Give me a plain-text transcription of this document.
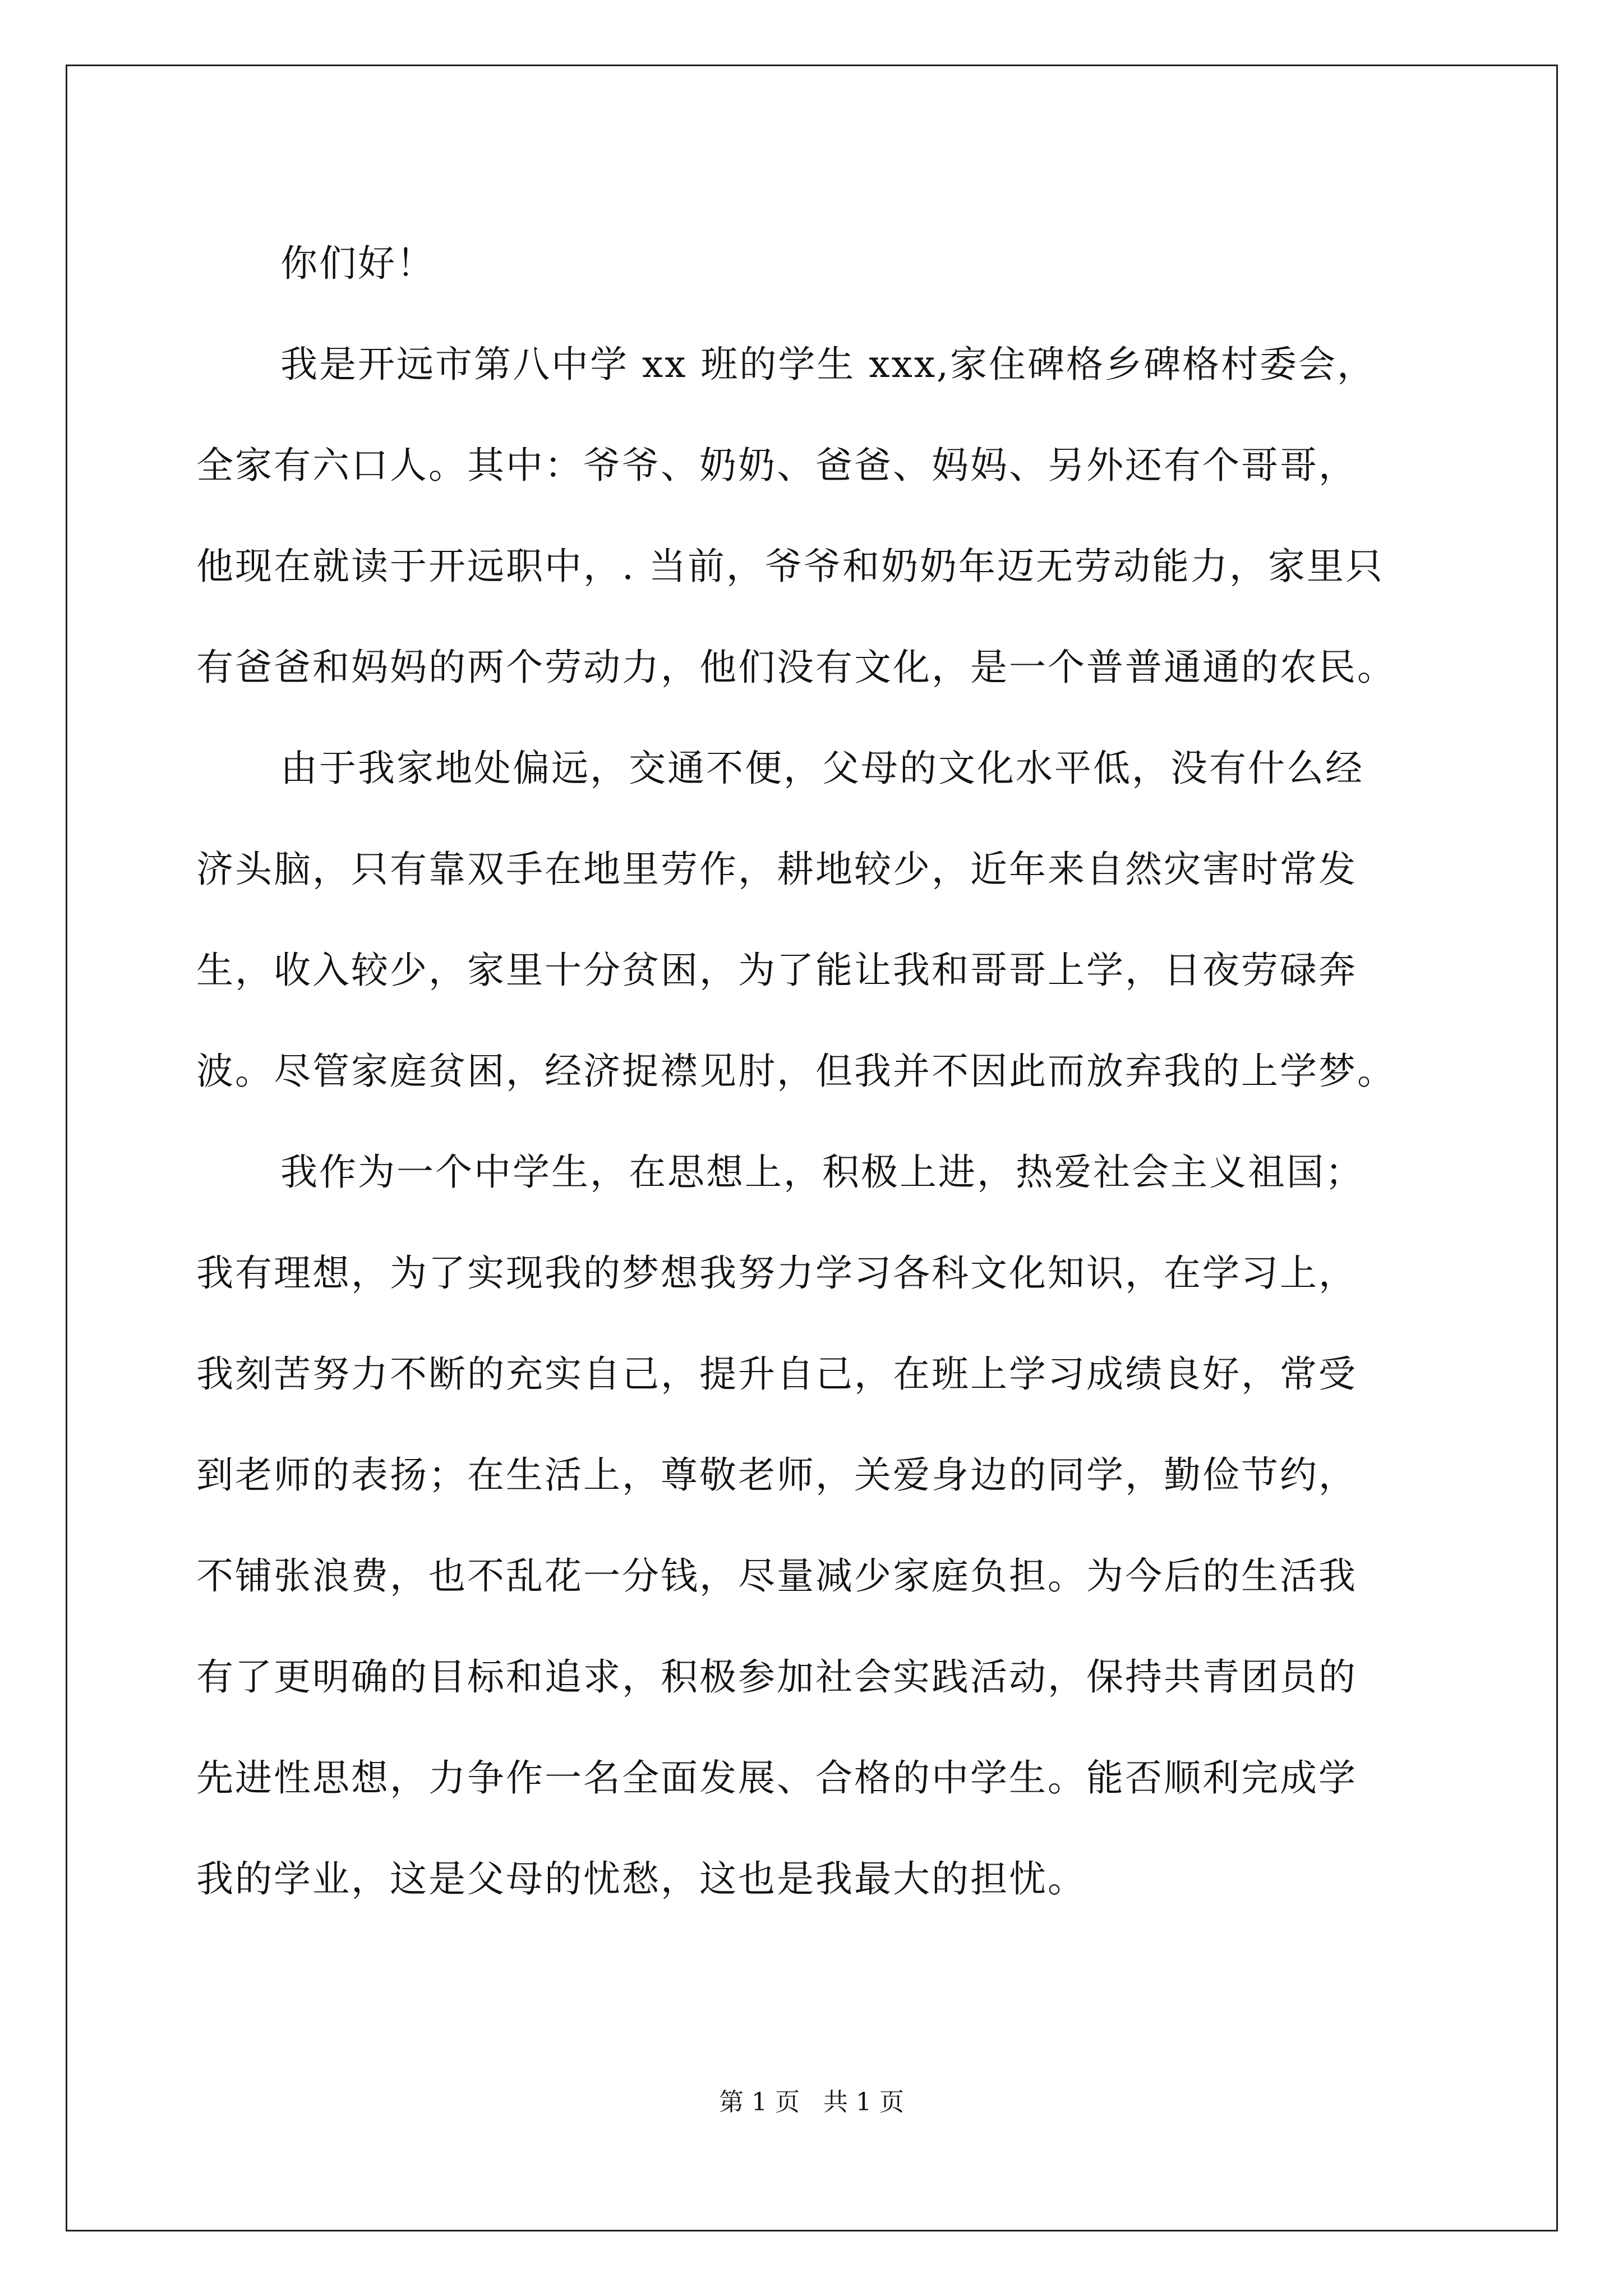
你们好！
我是开远市第八中学 xx 班的学生 xxx,家住碑格乡碑格村委会，
全家有六口人。其中：爷爷、奶奶、爸爸、妈妈、另外还有个哥哥，
他现在就读于开远职中，. 当前，爷爷和奶奶年迈无劳动能力，家里只
有爸爸和妈妈的两个劳动力，他们没有文化，是一个普普通通的农民。
由于我家地处偏远，交通不便，父母的文化水平低，没有什么经
济头脑，只有靠双手在地里劳作，耕地较少，近年来自然灾害时常发
生，收入较少，家里十分贫困，为了能让我和哥哥上学，日夜劳碌奔
波。尽管家庭贫困，经济捉襟见肘，但我并不因此而放弃我的上学梦。
我作为一个中学生，在思想上，积极上进，热爱社会主义祖国；
我有理想，为了实现我的梦想我努力学习各科文化知识，在学习上，
我刻苦努力不断的充实自己，提升自己，在班上学习成绩良好，常受
到老师的表扬；在生活上，尊敬老师，关爱身边的同学，勤俭节约，
不铺张浪费，也不乱花一分钱，尽量减少家庭负担。为今后的生活我
有了更明确的目标和追求，积极参加社会实践活动，保持共青团员的
先进性思想，力争作一名全面发展、合格的中学生。能否顺利完成学
我的学业，这是父母的忧愁，这也是我最大的担忧。
第 1 页   共 1 页
